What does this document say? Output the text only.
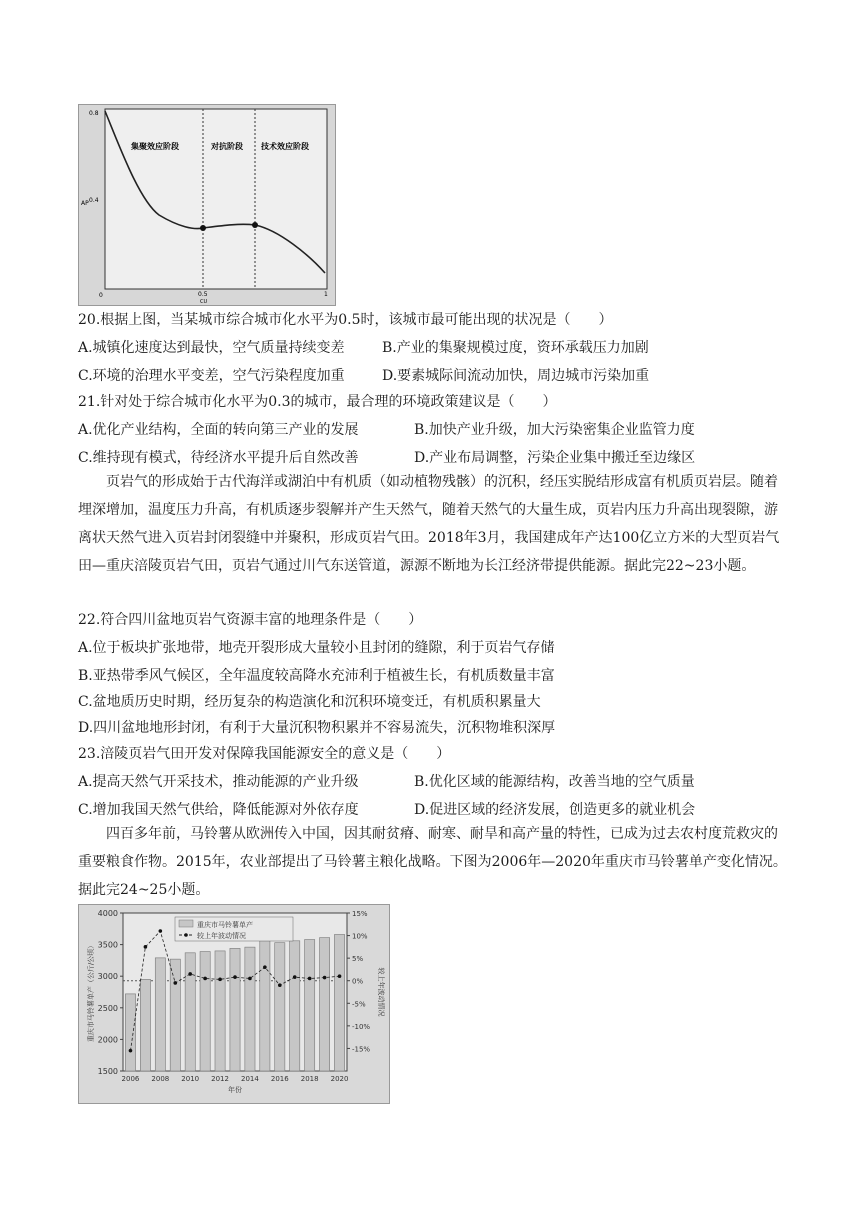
集聚效应阶段	对抗阶段 技术效应阶段
0.8
0.4
0
AP
0.5	1
CU
20.根据上图，当某城市综合城市化水平为0.5时，该城市最可能出现的状况是（　　）
A.城镇化速度达到最快，空气质量持续变差	B.产业的集聚规模过度，资环承载压力加剧
C.环境的治理水平变差，空气污染程度加重	D.要素城际间流动加快，周边城市污染加重
21.针对处于综合城市化水平为0.3的城市，最合理的环境政策建议是（　　）
A.优化产业结构，全面的转向第三产业的发展	B.加快产业升级，加大污染密集企业监管力度
C.维持现有模式，待经济水平提升后自然改善	D.产业布局调整，污染企业集中搬迁至边缘区
页岩气的形成始于古代海洋或湖泊中有机质（如动植物残骸）的沉积，经压实脱结形成富有机质页岩层。随着埋深增加，温度压力升高，有机质逐步裂解并产生天然气，随着天然气的大量生成，页岩内压力升高出现裂隙，游离状天然气进入页岩封闭裂缝中并聚积，形成页岩气田。2018年3月，我国建成年产达100亿立方米的大型页岩气田—重庆涪陵页岩气田，页岩气通过川气东送管道，源源不断地为长江经济带提供能源。据此完22~23小题。
22.符合四川盆地页岩气资源丰富的地理条件是（　　）
A.位于板块扩张地带，地壳开裂形成大量较小且封闭的缝隙，利于页岩气存储
B.亚热带季风气候区，全年温度较高降水充沛利于植被生长，有机质数量丰富
C.盆地质历史时期，经历复杂的构造演化和沉积环境变迁，有机质积累量大
D.四川盆地地形封闭，有利于大量沉积物积累并不容易流失，沉积物堆积深厚
23.涪陵页岩气田开发对保障我国能源安全的意义是（　　）
A.提高天然气开采技术，推动能源的产业升级	B.优化区域的能源结构，改善当地的空气质量
C.增加我国天然气供给，降低能源对外依存度	D.促进区域的经济发展，创造更多的就业机会
四百多年前，马铃薯从欧洲传入中国，因其耐贫瘠、耐寒、耐旱和高产量的特性，已成为过去农村度荒救灾的重要粮食作物。2015年，农业部提出了马铃薯主粮化战略。下图为2006年—2020年重庆市马铃薯单产变化情况。据此完24~25小题。
1500
2000
2500
3000
3500
4000	15%
10%
5%
0%
-5%
-10%
-15%
2006 2008 2010 2012 2014 2016 2018 2020
年份
重庆市马铃薯单产（公斤/公顷）	较上年波动情况
重庆市马铃薯单产
较上年波动情况
